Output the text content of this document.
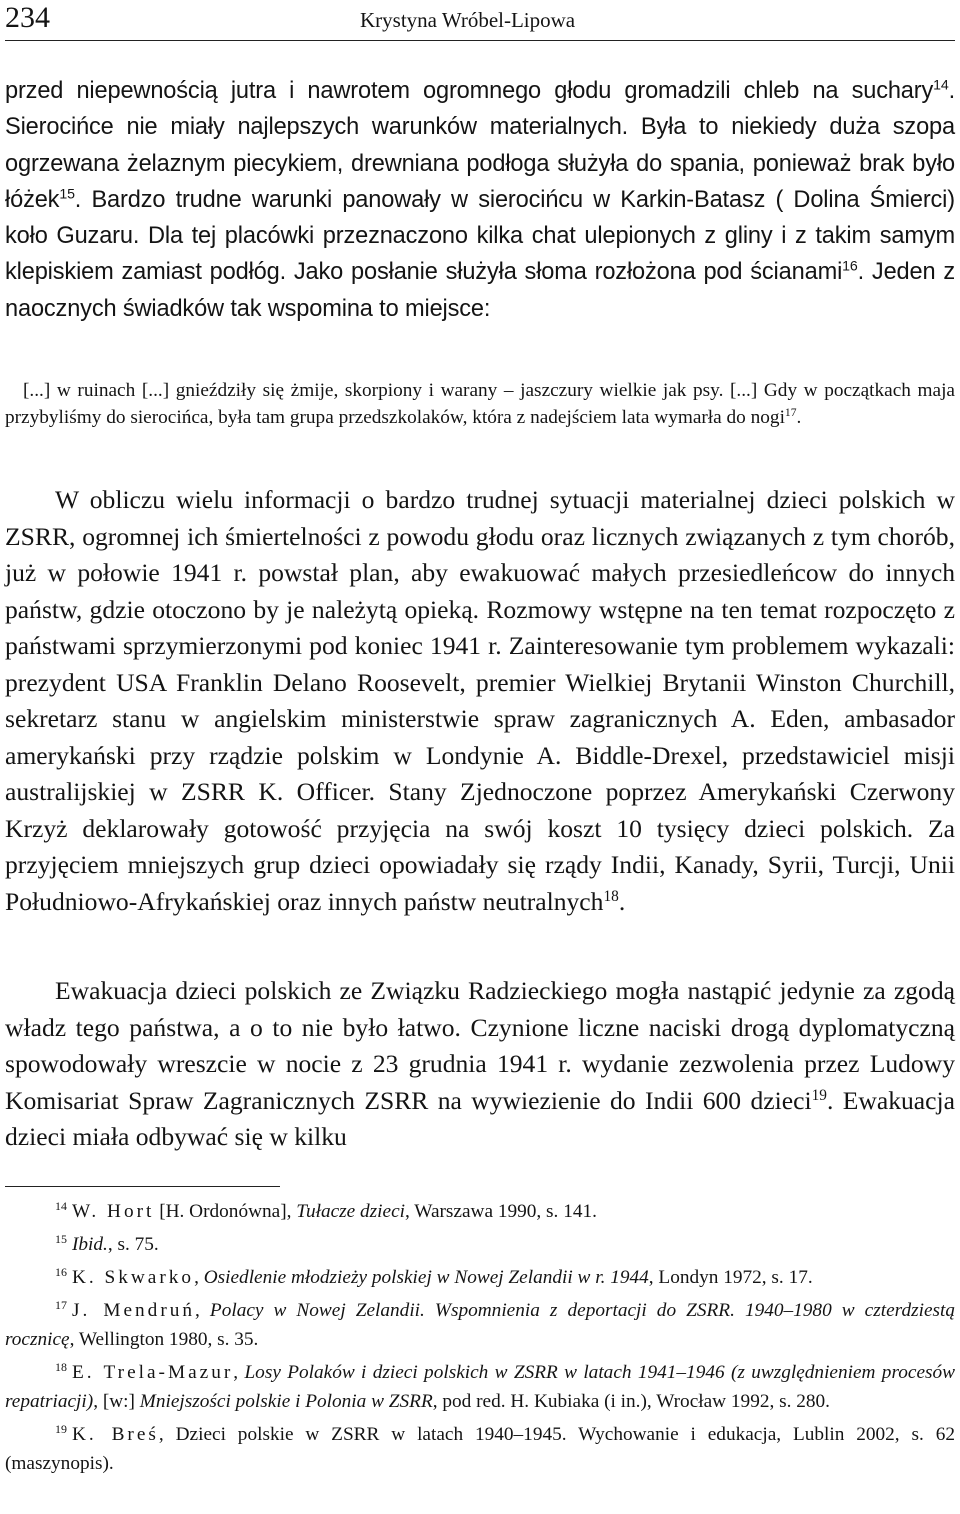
234	Krystyna Wróbel-Lipowa

przed niepewnością jutra i nawrotem ogromnego głodu gromadzili chleb na suchary$^{14}$. Sierocińce nie miały najlepszych warunków materialnych. Była to niekiedy duża szopa ogrzewana żelaznym piecykiem, drewniana podłoga służyła do spania, ponieważ brak było łóżek$^{15}$. Bardzo trudne warunki panowały w sierocińcu w Karkin-Batasz ( Dolina Śmierci) koło Guzaru. Dla tej placówki przeznaczono kilka chat ulepionych z gliny i z takim samym klepiskiem zamiast podłóg. Jako posłanie służyła słoma rozłożona pod ścianami$^{16}$. Jeden z naocznych świadków tak wspomina to miejsce:

[...] w ruinach [...] gnieździły się żmije, skorpiony i warany – jaszczury wielkie jak psy. [...] Gdy w początkach maja przybyliśmy do sierocińca, była tam grupa przedszkolaków, która z nadejściem lata wymarła do nogi$^{17}$.

W obliczu wielu informacji o bardzo trudnej sytuacji materialnej dzieci polskich w ZSRR, ogromnej ich śmiertelności z powodu głodu oraz licznych związanych z tym chorób, już w połowie 1941 r. powstał plan, aby ewakuować małych przesiedleńcow do innych państw, gdzie otoczono by je należytą opieką. Rozmowy wstępne na ten temat rozpoczęto z państwami sprzymierzonymi pod koniec 1941 r. Zainteresowanie tym problemem wykazali: prezydent USA Franklin Delano Roosevelt, premier Wielkiej Brytanii Winston Churchill, sekretarz stanu w angielskim ministerstwie spraw zagranicznych A. Eden, ambasador amerykański przy rządzie polskim w Londynie A. Biddle-Drexel, przedstawiciel misji australijskiej w ZSRR K. Officer. Stany Zjednoczone poprzez Amerykański Czerwony Krzyż deklarowały gotowość przyjęcia na swój koszt 10 tysięcy dzieci polskich. Za przyjęciem mniejszych grup dzieci opowiadały się rządy Indii, Kanady, Syrii, Turcji, Unii Południowo-Afrykańskiej oraz innych państw neutralnych$^{18}$.

Ewakuacja dzieci polskich ze Związku Radzieckiego mogła nastąpić jedynie za zgodą władz tego państwa, a o to nie było łatwo. Czynione liczne naciski drogą dyplomatyczną spowodowały wreszcie w nocie z 23 grudnia 1941 r. wydanie zezwolenia przez Ludowy Komisariat Spraw Zagranicznych ZSRR na wywiezienie do Indii 600 dzieci$^{19}$. Ewakuacja dzieci miała odbywać się w kilku

$^{14}$ W. Hort [H. Ordonówna], Tułacze dzieci, Warszawa 1990, s. 141.

$^{15}$ Ibid., s. 75.

$^{16}$ K. Skwarko, Osiedlenie młodzieży polskiej w Nowej Zelandii w r. 1944, Londyn 1972, s. 17.

$^{17}$ J. Mendruń, Polacy w Nowej Zelandii. Wspomnienia z deportacji do ZSRR. 1940–1980 w czterdziestą rocznicę, Wellington 1980, s. 35.

$^{18}$ E. Trela-Mazur, Losy Polaków i dzieci polskich w ZSRR w latach 1941–1946 (z uwzględnieniem procesów repatriacji), [w:] Mniejszości polskie i Polonia w ZSRR, pod red. H. Kubiaka (i in.), Wrocław 1992, s. 280.

$^{19}$ K. Breś, Dzieci polskie w ZSRR w latach 1940–1945. Wychowanie i edukacja, Lublin 2002, s. 62 (maszynopis).
